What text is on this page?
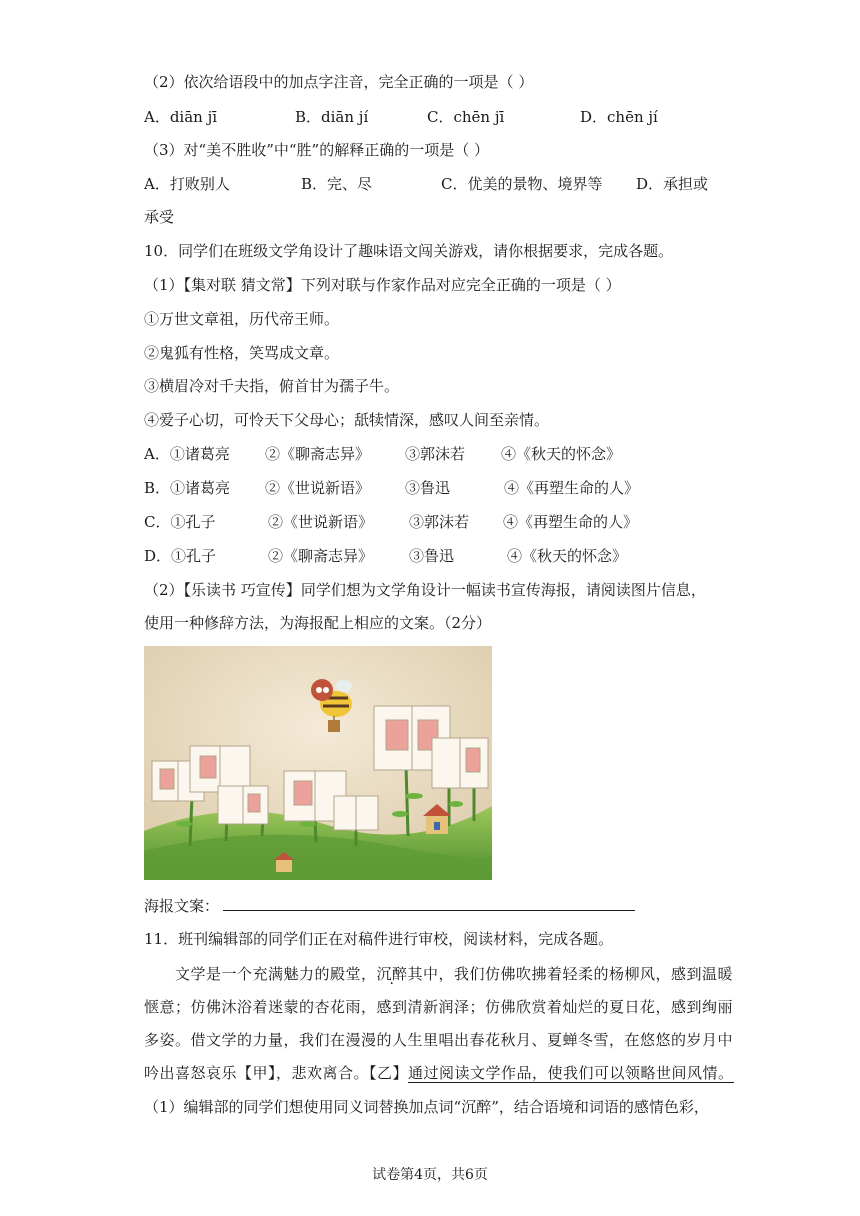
（2）依次给语段中的加点字注音，完全正确的一项是（ ）
A．diān jī	B．diān jí	C．chēn jī	D．chēn jí
（3）对“美不胜收”中“胜”的解释正确的一项是（ ）
A．打败别人	B．完、尽	C．优美的景物、境界等 D．承担或
承受
10．同学们在班级文学角设计了趣味语文闯关游戏，请你根据要求，完成各题。
（1）【集对联 猜文常】下列对联与作家作品对应完全正确的一项是（ ）
①万世文章祖，历代帝王师。
②鬼狐有性格，笑骂成文章。
③横眉冷对千夫指，俯首甘为孺子牛。
④爱子心切，可怜天下父母心；舐犊情深，感叹人间至亲情。
A．①诸葛亮 ②《聊斋志异》 ③郭沫若 ④《秋天的怀念》
B．①诸葛亮 ②《世说新语》 ③鲁迅	④《再塑生命的人》
C．①孔子	②《世说新语》 ③郭沫若 ④《再塑生命的人》
D．①孔子	②《聊斋志异》 ③鲁迅	④《秋天的怀念》
（2）【乐读书 巧宣传】同学们想为文学角设计一幅读书宣传海报，请阅读图片信息，
使用一种修辞方法，为海报配上相应的文案。（2分）
海报文案：
11．班刊编辑部的同学们正在对稿件进行审校，阅读材料，完成各题。
文学是一个充满魅力的殿堂，沉醉其中，我们仿佛吹拂着轻柔的杨柳风，感到温暖
惬意；仿佛沐浴着迷蒙的杏花雨，感到清新润泽；仿佛欣赏着灿烂的夏日花，感到绚丽
多姿。借文学的力量，我们在漫漫的人生里唱出春花秋月、夏蝉冬雪，在悠悠的岁月中
吟出喜怒哀乐【甲】，悲欢离合。【乙】通过阅读文学作品，使我们可以领略世间风情。
（1）编辑部的同学们想使用同义词替换加点词“沉醉”，结合语境和词语的感情色彩，
试卷第4页，共6页
